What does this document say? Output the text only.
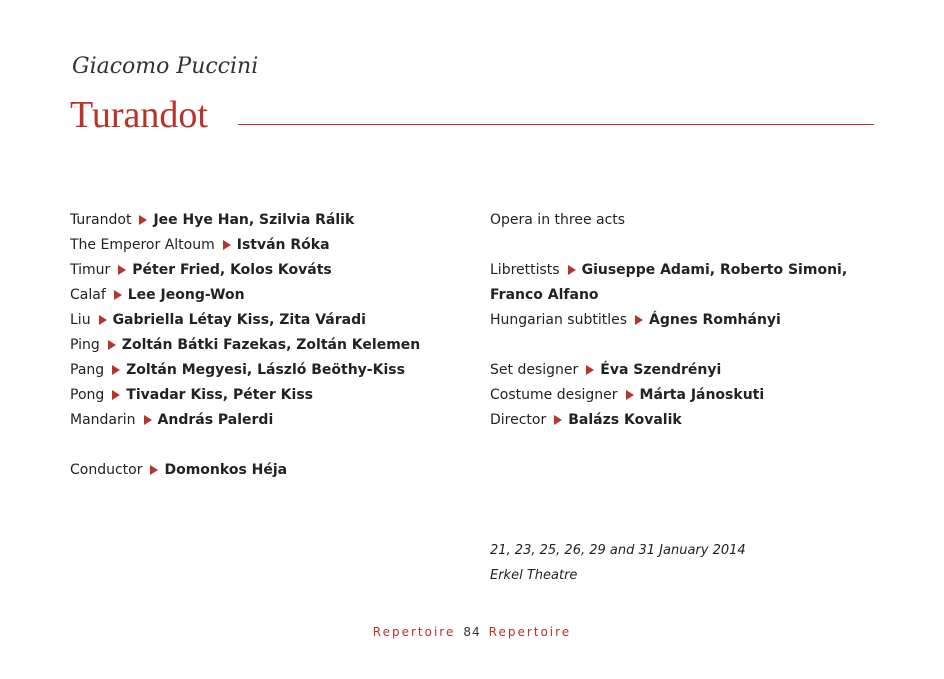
Giacomo Puccini
Turandot
Turandot Jee Hye Han, Szilvia Rálik
The Emperor Altoum István Róka
Timur Péter Fried, Kolos Kováts
Calaf Lee Jeong-Won
Liu Gabriella Létay Kiss, Zita Váradi
Ping Zoltán Bátki Fazekas, Zoltán Kelemen
Pang Zoltán Megyesi, László Beöthy-Kiss
Pong Tivadar Kiss, Péter Kiss
Mandarin András Palerdi
Conductor Domonkos Héja
Opera in three acts
Librettists Giuseppe Adami, Roberto Simoni,
Franco Alfano
Hungarian subtitles Ágnes Romhányi
Set designer Éva Szendrényi
Costume designer Márta Jánoskuti
Director Balázs Kovalik
21, 23, 25, 26, 29 and 31 January 2014
Erkel Theatre
Repertoire 84 Repertoire
